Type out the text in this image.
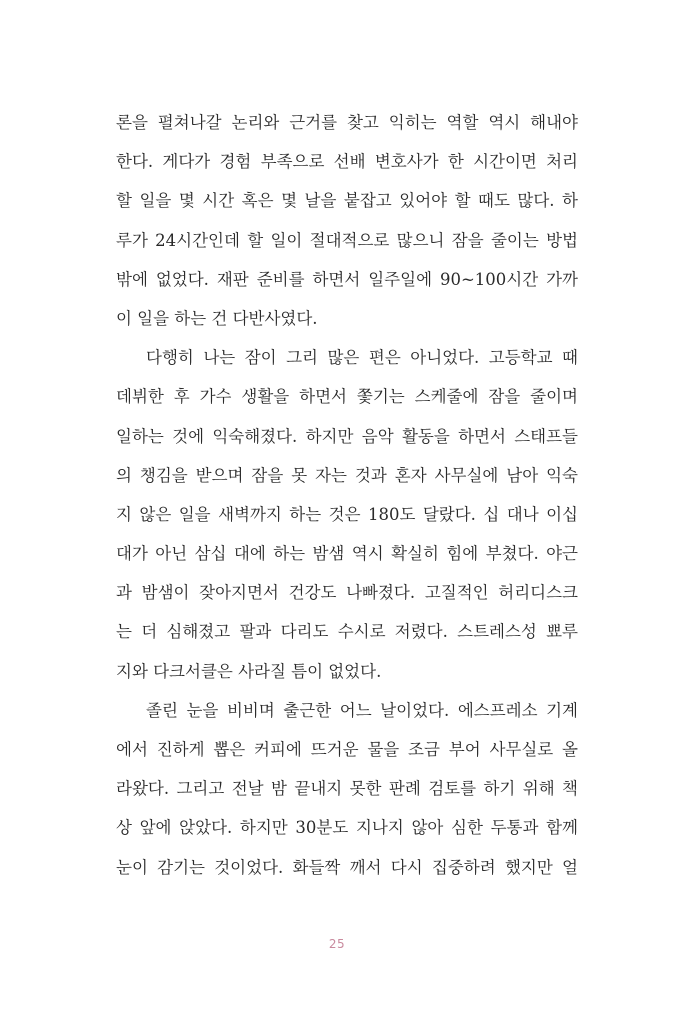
론을 펼쳐나갈 논리와 근거를 찾고 익히는 역할 역시 해내야
한다. 게다가 경험 부족으로 선배 변호사가 한 시간이면 처리
할 일을 몇 시간 혹은 몇 날을 붙잡고 있어야 할 때도 많다. 하
루가 24시간인데 할 일이 절대적으로 많으니 잠을 줄이는 방법
밖에 없었다. 재판 준비를 하면서 일주일에 90~100시간 가까
이 일을 하는 건 다반사였다.
다행히 나는 잠이 그리 많은 편은 아니었다. 고등학교 때
데뷔한 후 가수 생활을 하면서 쫓기는 스케줄에 잠을 줄이며
일하는 것에 익숙해졌다. 하지만 음악 활동을 하면서 스태프들
의 챙김을 받으며 잠을 못 자는 것과 혼자 사무실에 남아 익숙
지 않은 일을 새벽까지 하는 것은 180도 달랐다. 십 대나 이십
대가 아닌 삼십 대에 하는 밤샘 역시 확실히 힘에 부쳤다. 야근
과 밤샘이 잦아지면서 건강도 나빠졌다. 고질적인 허리디스크
는 더 심해졌고 팔과 다리도 수시로 저렸다. 스트레스성 뾰루
지와 다크서클은 사라질 틈이 없었다.
졸린 눈을 비비며 출근한 어느 날이었다. 에스프레소 기계
에서 진하게 뽑은 커피에 뜨거운 물을 조금 부어 사무실로 올
라왔다. 그리고 전날 밤 끝내지 못한 판례 검토를 하기 위해 책
상 앞에 앉았다. 하지만 30분도 지나지 않아 심한 두통과 함께
눈이 감기는 것이었다. 화들짝 깨서 다시 집중하려 했지만 얼
25
